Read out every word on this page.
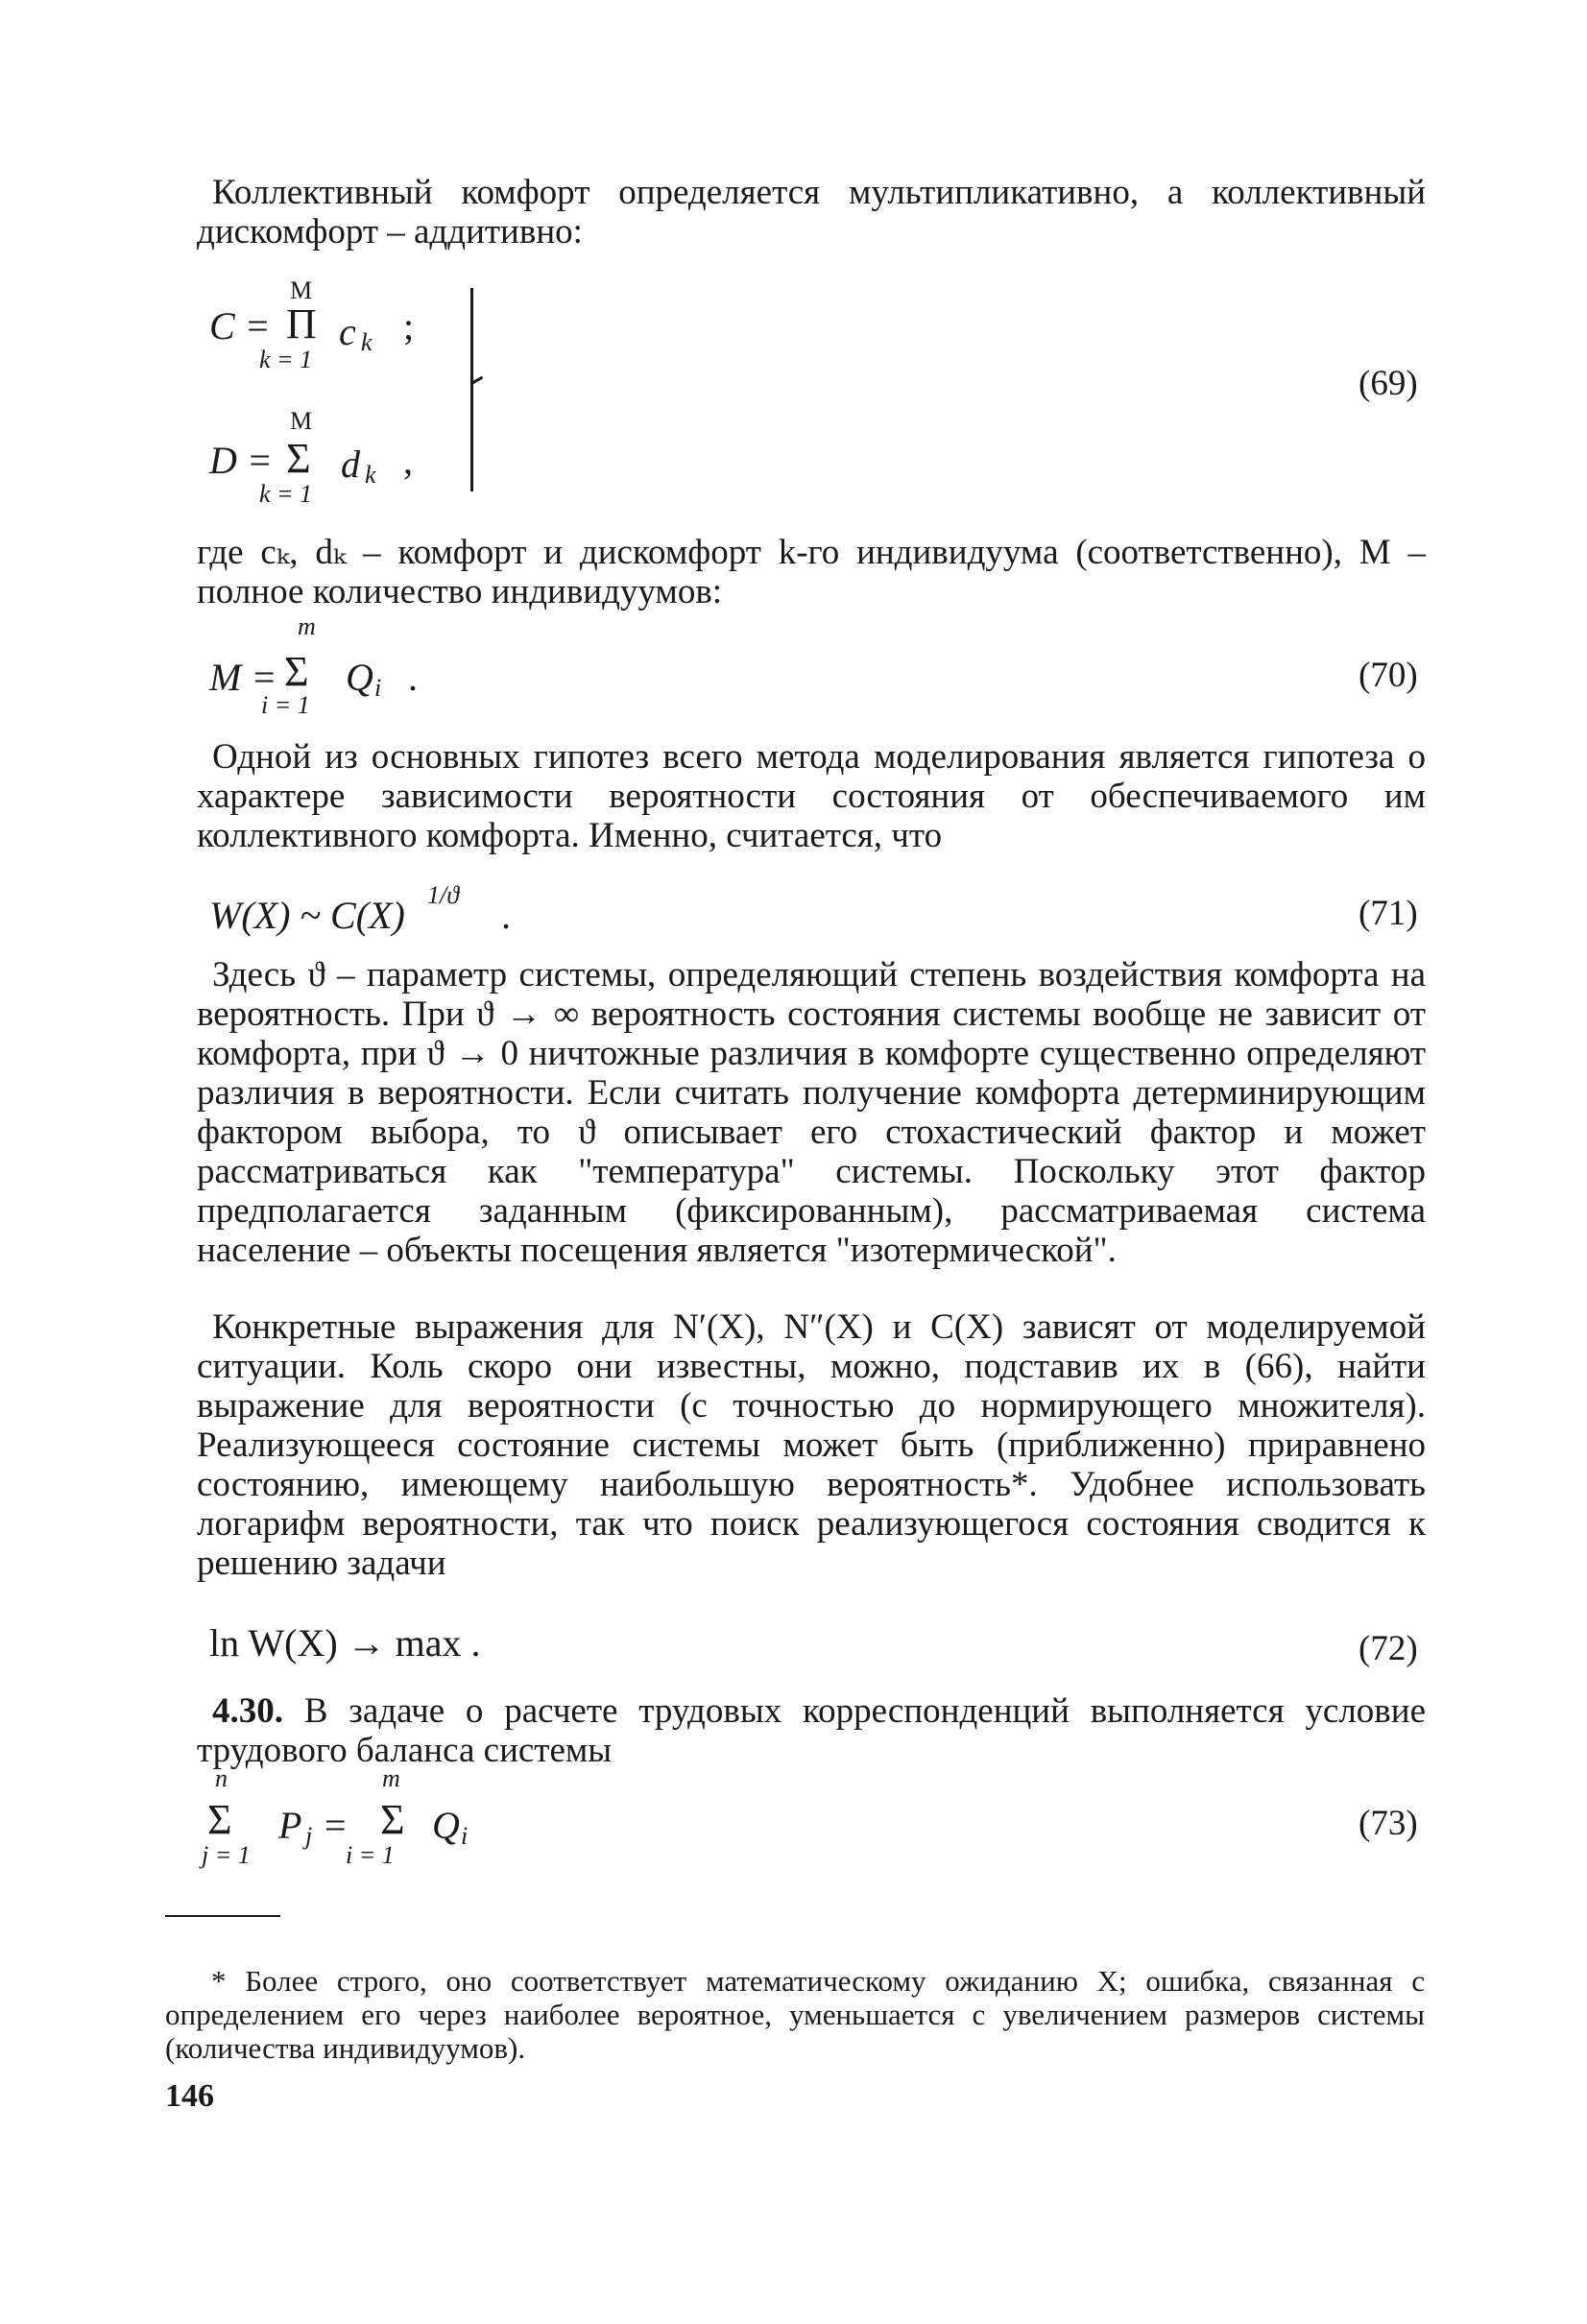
Коллективный комфорт определяется мультипликативно, а коллективный дискомфорт – аддитивно:

M
C = Π c k ;
k = 1
M
D = Σ d k ,
k = 1
(69)

где cₖ, dₖ – комфорт и дискомфорт k-го индивидуума (соответственно), M – полное количество индивидуумов:

m
M = Σ Q i .
i = 1
(70)

Одной из основных гипотез всего метода моделирования является гипотеза о характере зависимости вероятности состояния от обеспечиваемого им коллективного комфорта. Именно, считается, что

W(X) ~ C(X) 1/ϑ .	(71)

Здесь ϑ – параметр системы, определяющий степень воздействия комфорта на вероятность. При ϑ → ∞ вероятность состояния системы вообще не зависит от комфорта, при ϑ → 0 ничтожные различия в комфорте существенно определяют различия в вероятности. Если считать получение комфорта детерминирующим фактором выбора, то ϑ описывает его стохастический фактор и может рассматриваться как "температура" системы. Поскольку этот фактор предполагается заданным (фиксированным), рассматриваемая система население – объекты посещения является "изотермической".

Конкретные выражения для N′(X), N″(X) и C(X) зависят от моделируемой ситуации. Коль скоро они известны, можно, подставив их в (66), найти выражение для вероятности (с точностью до нормирующего множителя). Реализующееся состояние системы может быть (приближенно) приравнено состоянию, имеющему наибольшую вероятность*. Удобнее использовать логарифм вероятности, так что поиск реализующегося состояния сводится к решению задачи

ln W(X) → max .	(72)

4.30. В задаче о расчете трудовых корреспонденций выполняется условие трудового баланса системы

n
Σ
j = 1
P j =
m
Σ
i = 1
Q i	(73)

* Более строго, оно соответствует математическому ожиданию X; ошибка, связанная с определением его через наиболее вероятное, уменьшается с увеличением размеров системы (количества индивидуумов).

146
